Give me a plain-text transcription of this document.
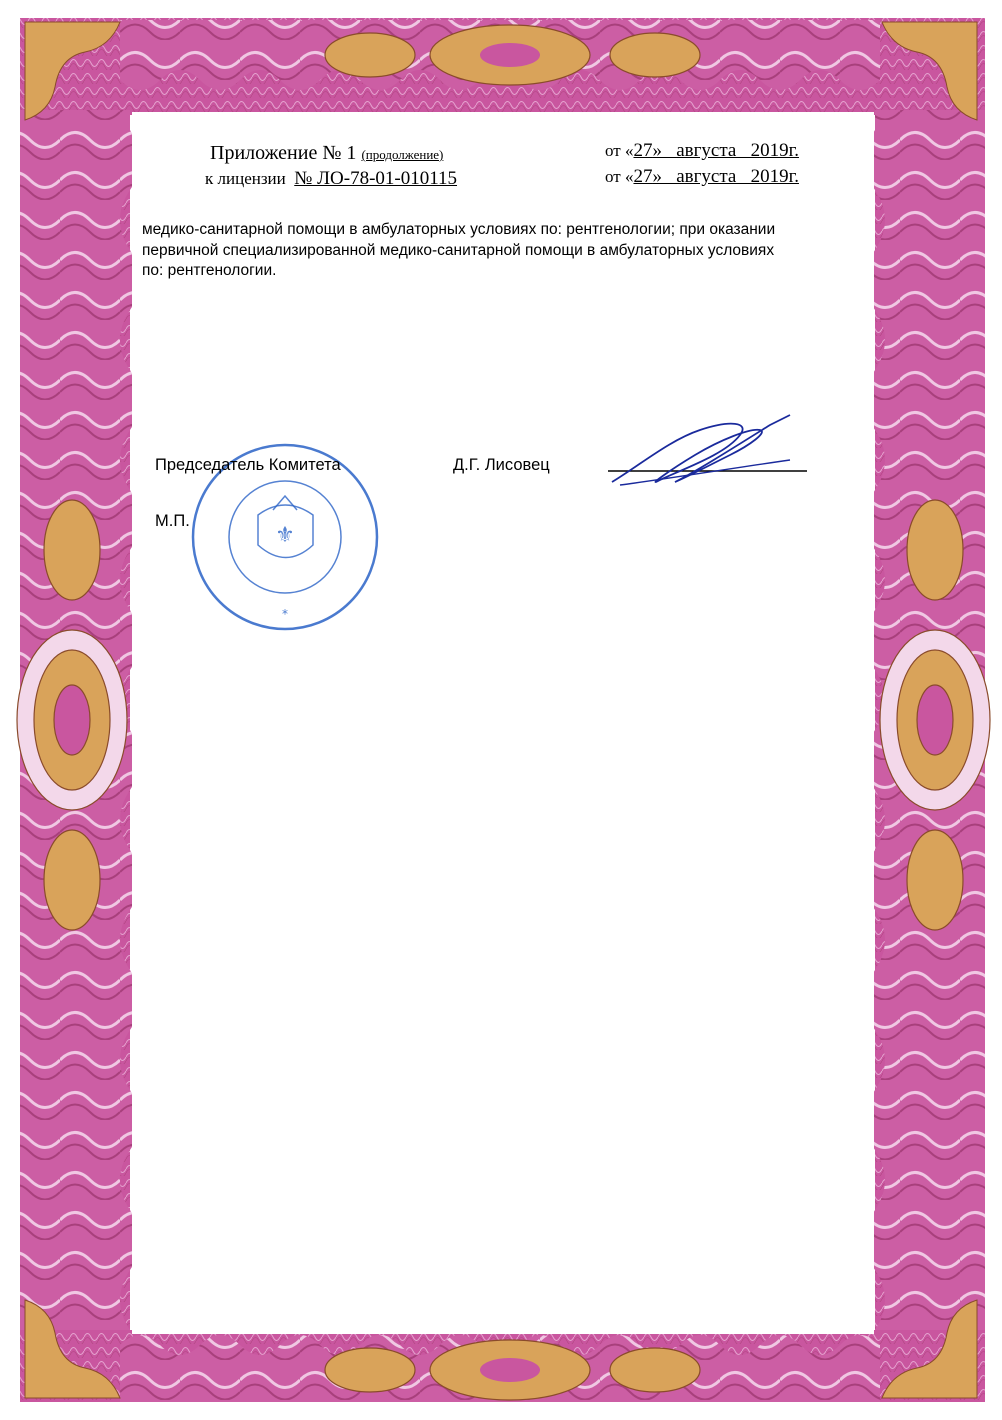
Приложение № 1 (продолжение)
к лицензии № ЛО-78-01-010115
от «27»   августа   2019г.
от «27»   августа   2019г.
медико-санитарной помощи в амбулаторных условиях по: рентгенологии; при оказании
первичной специализированной медико-санитарной помощи в амбулаторных условиях
по: рентгенологии.
⚜
*
Председатель Комитета	Д.Г. Лисовец
М.П.
